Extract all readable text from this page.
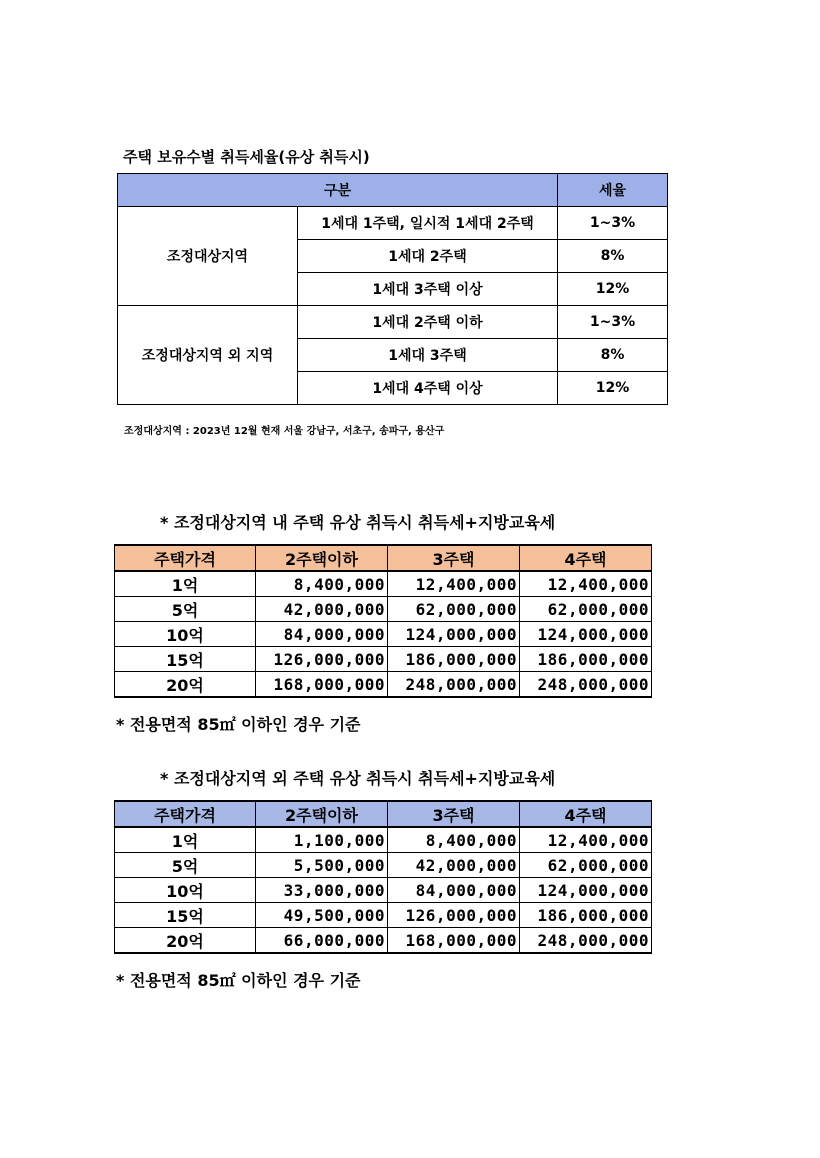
주택 보유수별 취득세율(유상 취득시)
구분		세율
조정대상지역	1세대 1주택, 일시적 1세대 2주택	1~3%
	1세대 2주택	8%
	1세대 3주택 이상	12%
조정대상지역 외 지역	1세대 2주택 이하	1~3%
	1세대 3주택	8%
	1세대 4주택 이상	12%
조정대상지역 : 2023년 12월 현재 서울 강남구, 서초구, 송파구, 용산구
* 조정대상지역 내 주택 유상 취득시 취득세+지방교육세
주택가격	2주택이하	3주택	4주택
1억	8,400,000	12,400,000	12,400,000
5억	42,000,000	62,000,000	62,000,000
10억	84,000,000	124,000,000	124,000,000
15억	126,000,000	186,000,000	186,000,000
20억	168,000,000	248,000,000	248,000,000
* 전용면적 85㎡ 이하인 경우 기준
* 조정대상지역 외 주택 유상 취득시 취득세+지방교육세
주택가격	2주택이하	3주택	4주택
1억	1,100,000	8,400,000	12,400,000
5억	5,500,000	42,000,000	62,000,000
10억	33,000,000	84,000,000	124,000,000
15억	49,500,000	126,000,000	186,000,000
20억	66,000,000	168,000,000	248,000,000
* 전용면적 85㎡ 이하인 경우 기준
